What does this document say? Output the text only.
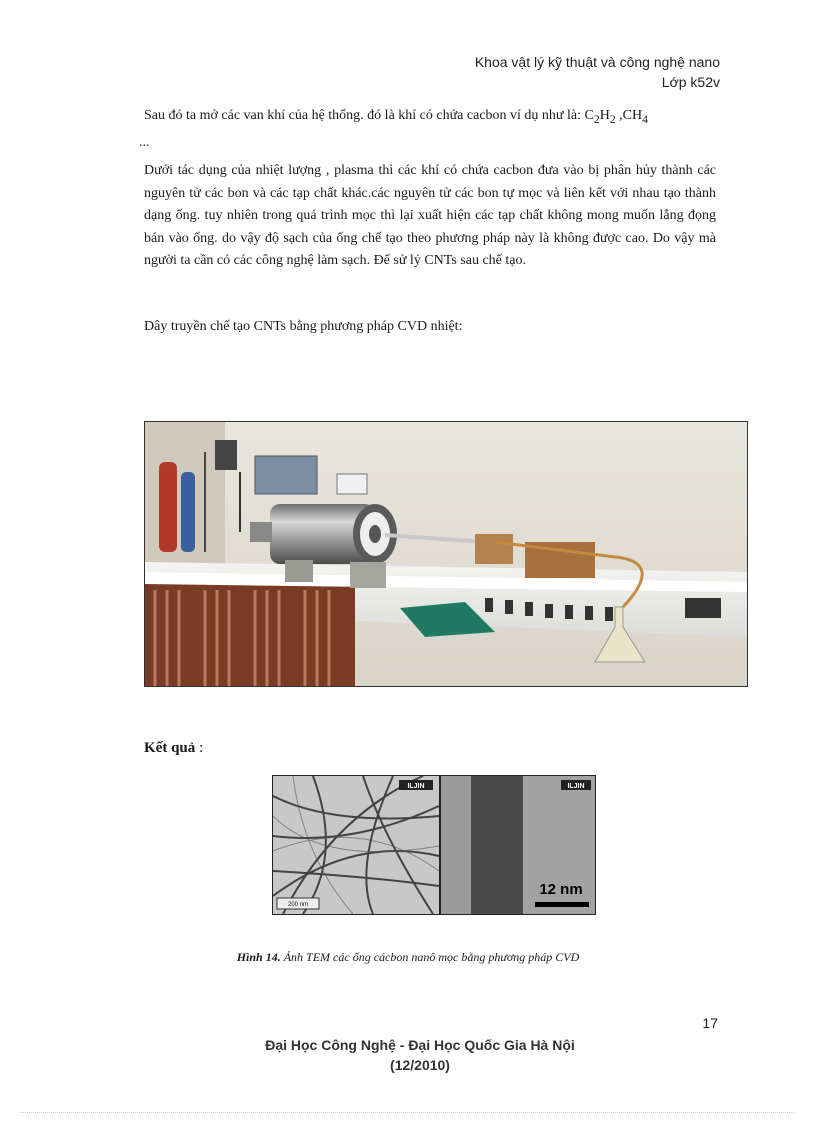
Khoa vật lý kỹ thuật và công nghệ nano
Lớp k52v
Sau đó ta mở các van khí của hệ thống. đó là khí có chứa cacbon ví dụ như là: $C_2H_2$ $,CH_4$
...
Dưới tác dụng của nhiệt lượng , plasma thì các khí có chứa cacbon đưa vào bị phân hủy thành các nguyên tử các bon và các tạp chất khác.các nguyên tử các bon tự mọc và liên kết với nhau tạo thành dạng ống. tuy nhiên trong quá trình mọc thì lại xuất hiện các tạp chất không mong muốn lắng đọng bán vào ống. do vậy độ sạch của ống chế tạo theo phương pháp này là không được cao. Do vậy mà người ta cần có các công nghệ làm sạch. Để sử lý CNTs sau chế tạo.
Dây truyền chế tạo CNTs bằng phương pháp CVD nhiệt:
Kết quả :
ILJIN
200 nm
ILJIN
12 nm
Hình 14. Ảnh TEM các ống cácbon nanô mọc bằng phương pháp CVD
17
Đại Học Công Nghệ - Đại Học Quốc Gia Hà Nội
(12/2010)
